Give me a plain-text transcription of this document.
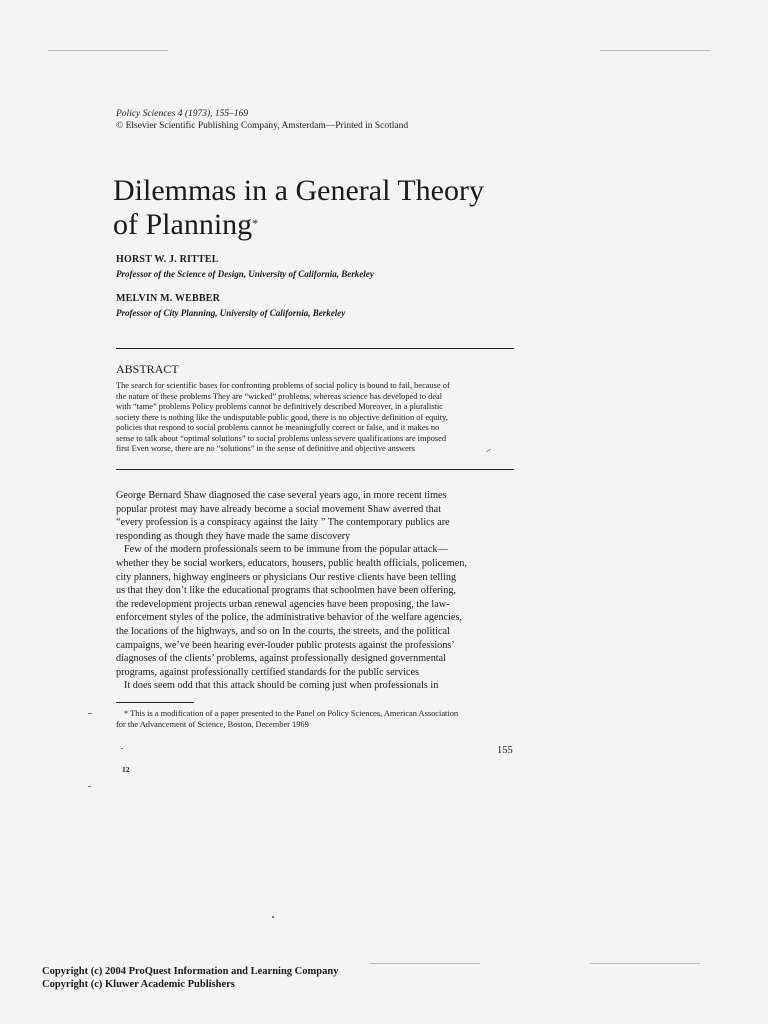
Policy Sciences 4 (1973), 155–169
© Elsevier Scientific Publishing Company, Amsterdam—Printed in Scotland
Dilemmas in a General Theory
of Planning*
HORST W. J. RITTEL
Professor of the Science of Design, University of California, Berkeley
MELVIN M. WEBBER
Professor of City Planning, University of California, Berkeley
ABSTRACT
The search for scientific bases for confronting problems of social policy is bound to fail, because of
the nature of these problems They are “wicked” problems, whereas science has developed to deal
with “tame” problems Policy problems cannot be definitively described Moreover, in a pluralistic
society there is nothing like the undisputable public good, there is no objective definition of equity,
policies that respond to social problems cannot be meaningfully correct or false, and it makes no
sense to talk about “optimal solutions” to social problems unless severe qualifications are imposed
first Even worse, there are no “solutions” in the sense of definitive and objective answers
George Bernard Shaw diagnosed the case several years ago, in more recent times
popular protest may have already become a social movement Shaw averred that
“every profession is a conspiracy against the laity ” The contemporary publics are
responding as though they have made the same discovery
Few of the modern professionals seem to be immune from the popular attack—
whether they be social workers, educators, housers, public health officials, policemen,
city planners, highway engineers or physicians Our restive clients have been telling
us that they don’t like the educational programs that schoolmen have been offering,
the redevelopment projects urban renewal agencies have been proposing, the law-
enforcement styles of the police, the administrative behavior of the welfare agencies,
the locations of the highways, and so on In the courts, the streets, and the political
campaigns, we’ve been hearing ever-louder public protests against the professions’
diagnoses of the clients’ problems, against professionally designed governmental
programs, against professionally certified standards for the public services
It does seem odd that this attack should be coming just when professionals in
* This is a modification of a paper presented to the Panel on Policy Sciences, American Association
for the Advancement of Science, Boston, December 1969
155
12
Copyright (c) 2004 ProQuest Information and Learning Company
Copyright (c) Kluwer Academic Publishers
